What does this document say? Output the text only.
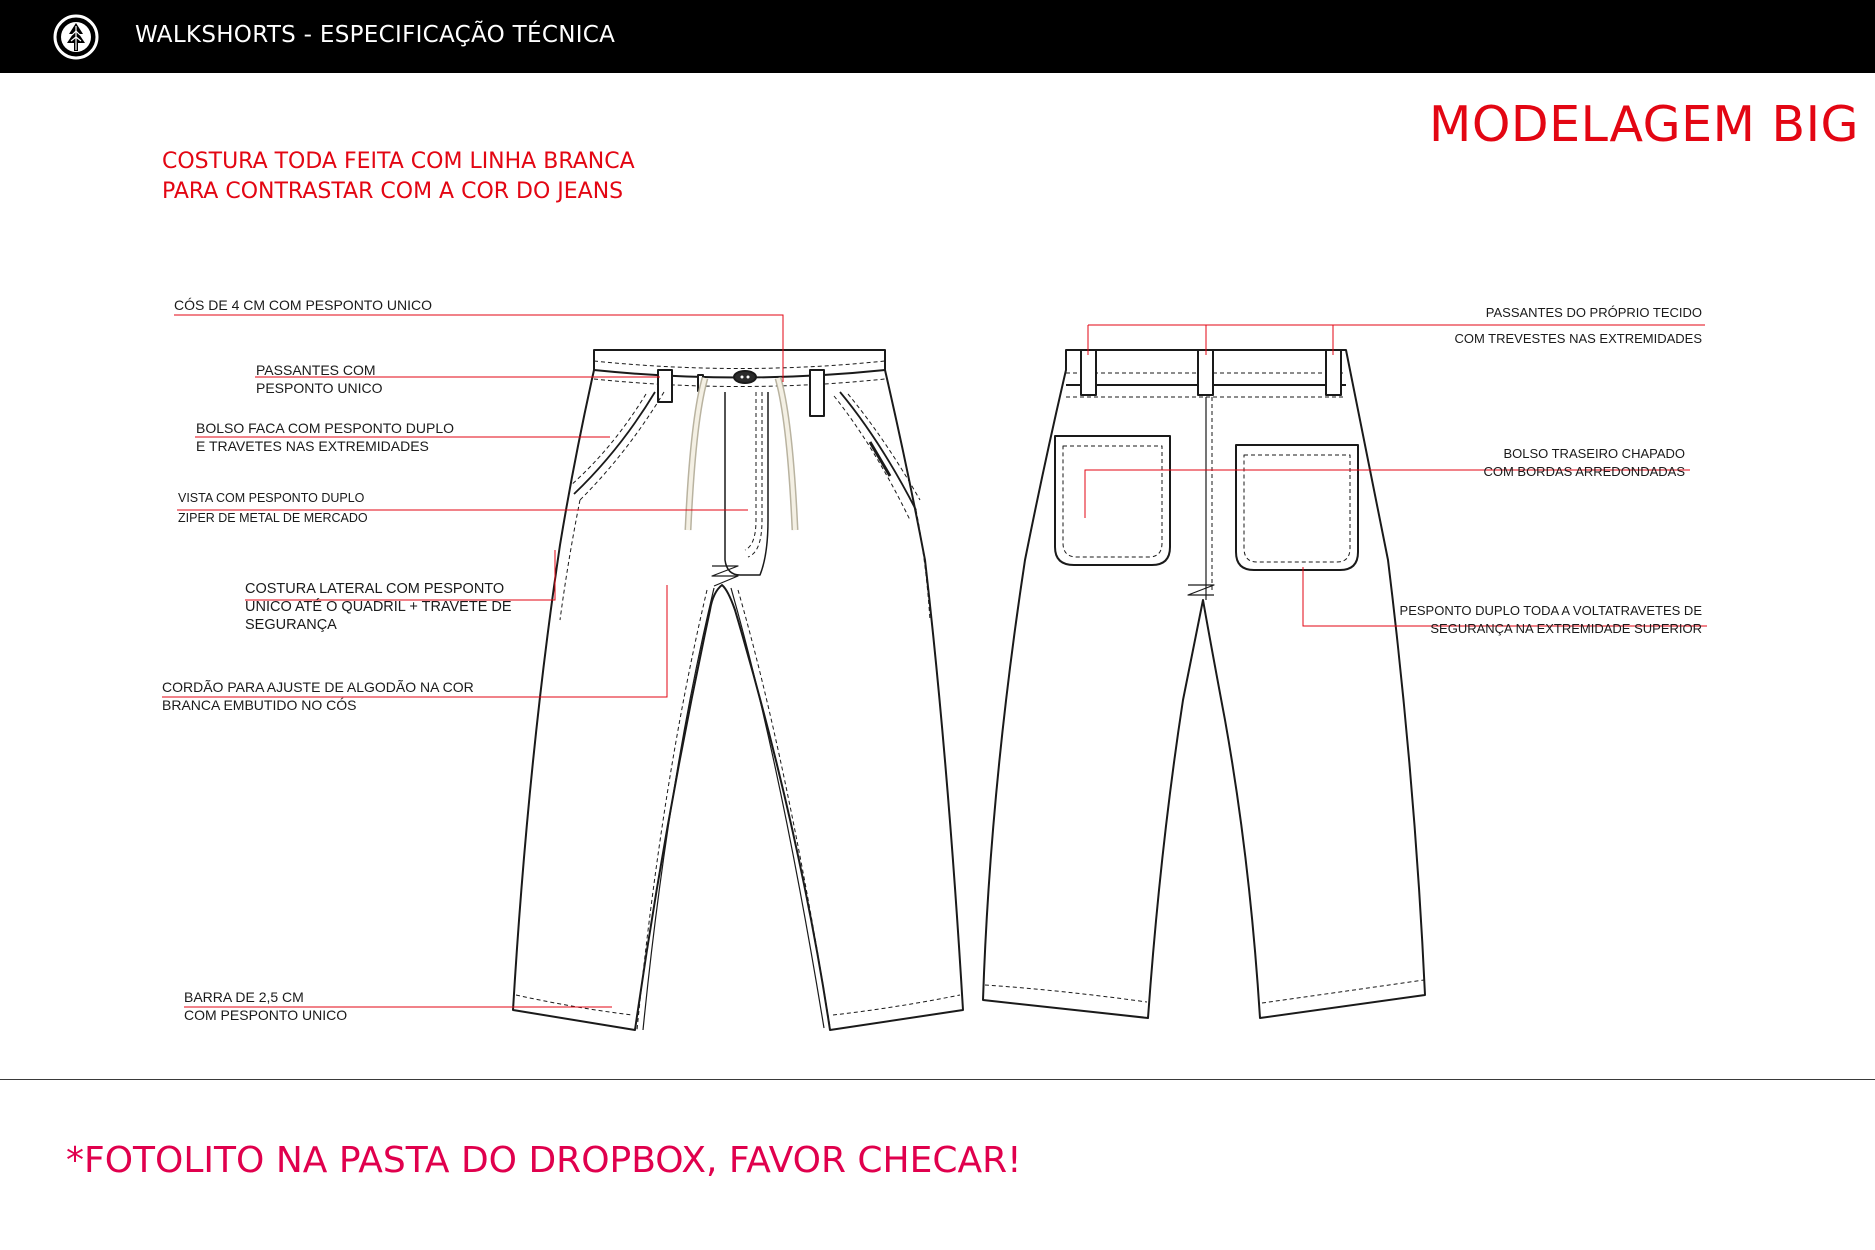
WALKSHORTS - ESPECIFICAÇÃO TÉCNICA
MODELAGEM BIG
COSTURA TODA FEITA COM LINHA BRANCA
PARA CONTRASTAR COM A COR DO JEANS
CÓS DE 4 CM COM PESPONTO UNICO
PASSANTES COM
PESPONTO UNICO
BOLSO FACA COM PESPONTO DUPLO
E TRAVETES NAS EXTREMIDADES
VISTA COM PESPONTO DUPLO
ZIPER DE METAL DE MERCADO
COSTURA LATERAL COM PESPONTO
UNICO ATÉ O QUADRIL + TRAVETE DE
SEGURANÇA
CORDÃO PARA AJUSTE DE ALGODÃO NA COR
BRANCA EMBUTIDO NO CÓS
BARRA DE 2,5 CM
COM PESPONTO UNICO
PASSANTES DO PRÓPRIO TECIDO
COM TREVESTES NAS EXTREMIDADES
BOLSO TRASEIRO CHAPADO
COM BORDAS ARREDONDADAS
PESPONTO DUPLO TODA A VOLTATRAVETES DE
SEGURANÇA NA EXTREMIDADE SUPERIOR
*FOTOLITO NA PASTA DO DROPBOX, FAVOR CHECAR!
